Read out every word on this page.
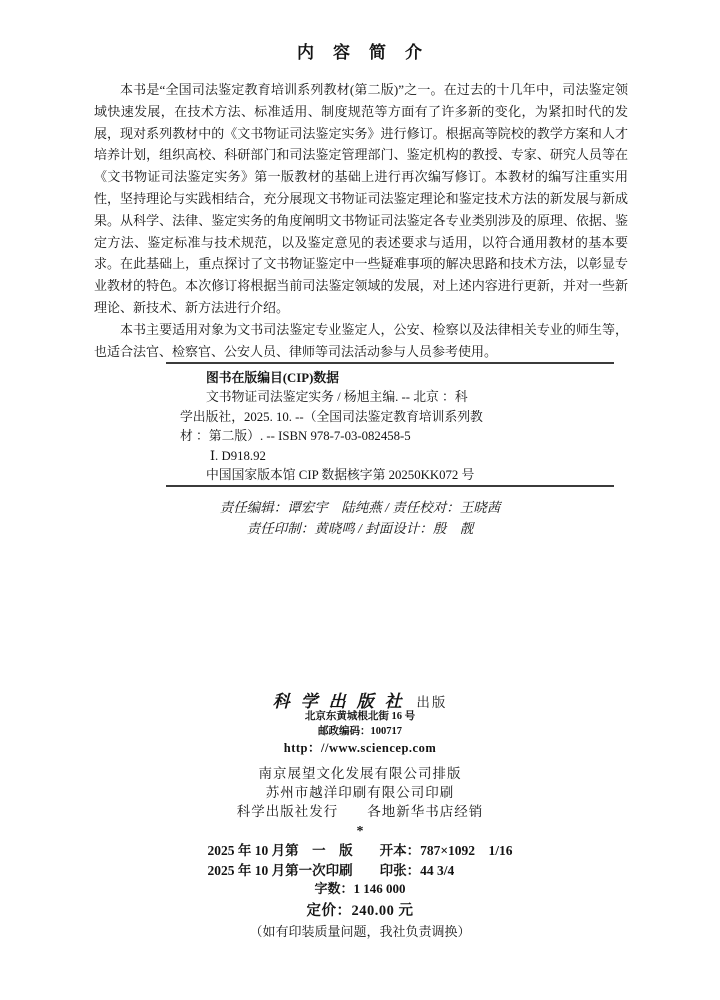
内　容　简　介

本书是“全国司法鉴定教育培训系列教材(第二版)”之一。在过去的十几年中，司法鉴定领域快速发展，在技术方法、标准适用、制度规范等方面有了许多新的变化，为紧扣时代的发展，现对系列教材中的《文书物证司法鉴定实务》进行修订。根据高等院校的教学方案和人才培养计划，组织高校、科研部门和司法鉴定管理部门、鉴定机构的教授、专家、研究人员等在《文书物证司法鉴定实务》第一版教材的基础上进行再次编写修订。本教材的编写注重实用性，坚持理论与实践相结合，充分展现文书物证司法鉴定理论和鉴定技术方法的新发展与新成果。从科学、法律、鉴定实务的角度阐明文书物证司法鉴定各专业类别涉及的原理、依据、鉴定方法、鉴定标准与技术规范，以及鉴定意见的表述要求与适用，以符合通用教材的基本要求。在此基础上，重点探讨了文书物证鉴定中一些疑难事项的解决思路和技术方法，以彰显专业教材的特色。本次修订将根据当前司法鉴定领域的发展，对上述内容进行更新，并对一些新理论、新技术、新方法进行介绍。

本书主要适用对象为文书司法鉴定专业鉴定人，公安、检察以及法律相关专业的师生等，也适合法官、检察官、公安人员、律师等司法活动参与人员参考使用。

图书在版编目(CIP)数据
文书物证司法鉴定实务 / 杨旭主编. -- 北京 ：科
学出版社，2025. 10. --（全国司法鉴定教育培训系列教
材 ：第二版）. -- ISBN 978-7-03-082458-5
Ⅰ. D918.92
中国国家版本馆 CIP 数据核字第 20250KK072 号
责任编辑：谭宏宇　陆纯燕 / 责任校对：王晓茜
责任印制：黄晓鸣 / 封面设计：殷　靓
科学出版社 出版
北京东黄城根北街 16 号
邮政编码：100717
http：//www.sciencep.com
南京展望文化发展有限公司排版
苏州市越洋印刷有限公司印刷
科学出版社发行　　各地新华书店经销
*
2025 年 10 月第　一　版　　开本：787×1092　1/16
2025 年 10 月第一次印刷　　印张：44 3/4
字数：1 146 000
定价：240.00 元
（如有印装质量问题，我社负责调换）
